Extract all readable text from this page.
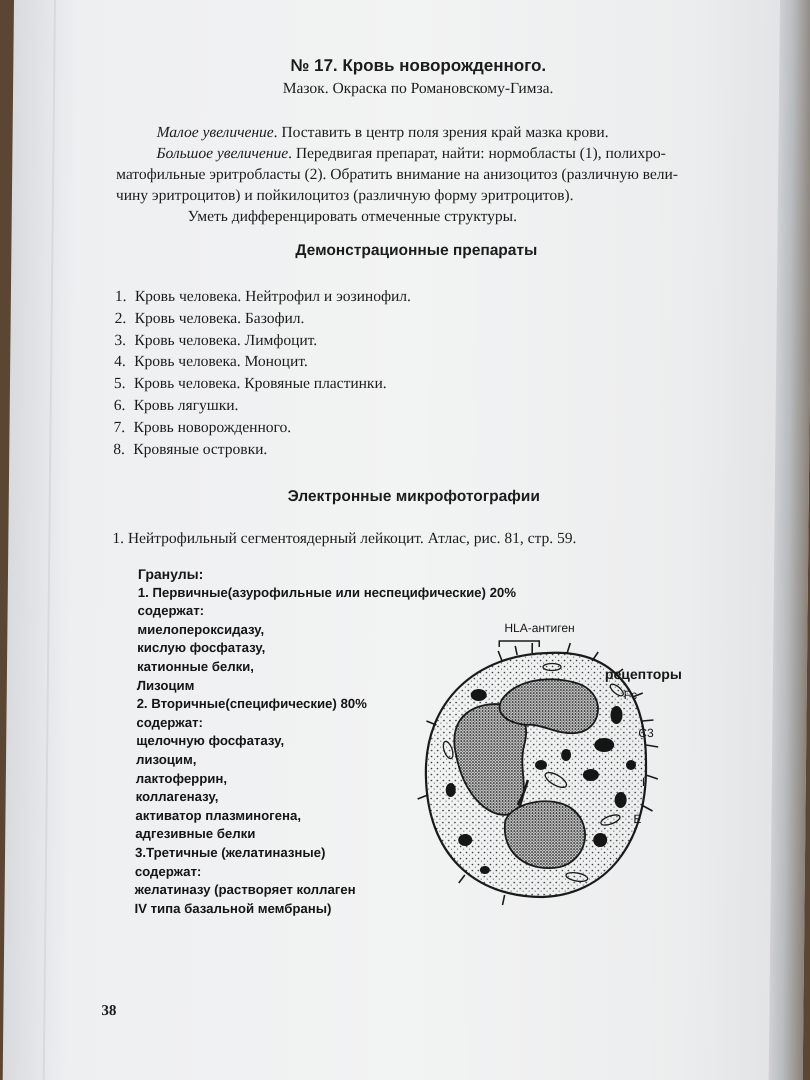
№ 17. Кровь новорожденного.
Мазок. Окраска по Романовскому-Гимза.
Малое увеличение. Поставить в центр поля зрения край мазка крови.
Большое увеличение. Передвигая препарат, найти: нормобласты (1), полихро-
матофильные эритробласты (2). Обратить внимание на анизоцитоз (различную вели-
чину эритроцитов) и пойкилоцитоз (различную форму эритроцитов).
Уметь дифференцировать отмеченные структуры.
Демонстрационные препараты
1. Кровь человека. Нейтрофил и эозинофил.
2. Кровь человека. Базофил.
3. Кровь человека. Лимфоцит.
4. Кровь человека. Моноцит.
5. Кровь человека. Кровяные пластинки.
6. Кровь лягушки.
7. Кровь новорожденного.
8. Кровяные островки.
Электронные микрофотографии
1. Нейтрофильный сегментоядерный лейкоцит. Атлас, рис. 81, стр. 59.
Гранулы:
1. Первичные(азурофильные или неспецифические) 20%
содержат:
миелопероксидазу,
кислую фосфатазу,
катионные белки,
Лизоцим
2. Вторичные(специфические) 80%
содержат:
щелочную фосфатазу,
лизоцим,
лактоферрин,
коллагеназу,
активатор плазминогена,
адгезивные белки
3.Третичные (желатиназные)
содержат:
желатиназу (растворяет коллаген
IV типа базальной мембраны)
HLA-антиген
рецепторы
Fc
C3
I
E
38
